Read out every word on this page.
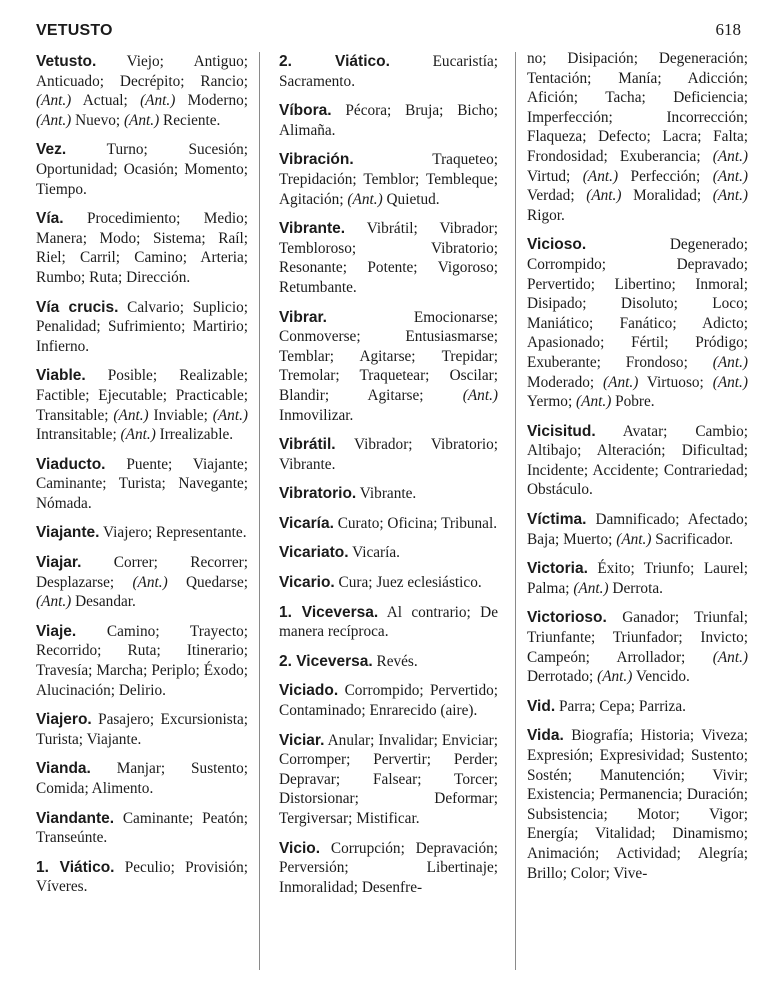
VETUSTO	618

Vetusto. Viejo; Antiguo; Anticuado; Decrépito; Rancio; (Ant.) Actual; (Ant.) Moderno; (Ant.) Nuevo; (Ant.) Reciente.

Vez.	Turno; Sucesión; Oportunidad; Ocasión; Momento; Tiempo.

Vía. Procedimiento; Medio; Manera; Modo; Sistema; Raíl; Riel; Carril; Camino; Arteria; Rumbo; Ruta; Dirección.

Vía crucis. Calvario; Suplicio; Penalidad; Sufrimiento; Martirio; Infierno.

Viable. Posible; Realizable; Factible; Ejecutable; Practicable; Transitable; (Ant.) Inviable; (Ant.) Intransitable; (Ant.) Irrealizable.

Viaducto. Puente; Viajante; Caminante; Turista; Navegante; Nómada.

Viajante. Viajero; Representante.

Viajar. Correr; Recorrer; Desplazarse; (Ant.) Quedarse; (Ant.) Desandar.

Viaje. Camino; Trayecto; Recorrido; Ruta; Itinerario; Travesía; Marcha; Periplo; Éxodo; Alucinación; Delirio.

Viajero. Pasajero; Excursionista; Turista; Viajante.

Vianda. Manjar; Sustento; Comida; Alimento.

Viandante. Caminante; Peatón; Transeúnte.

1. Viático. Peculio; Provisión; Víveres.

2. Viático.	Eucaristía; Sacramento.

Víbora. Pécora; Bruja; Bicho; Alimaña.

Vibración.	Traqueteo; Trepidación; Temblor; Tembleque; Agitación; (Ant.) Quietud.

Vibrante. Vibrátil; Vibrador; Tembloroso; Vibratorio; Resonante; Potente; Vigoroso; Retumbante.

Vibrar.	Emocionarse; Conmoverse; Entusiasmarse; Temblar; Agitarse; Trepidar; Tremolar; Traquetear; Oscilar; Blandir; Agitarse; (Ant.) Inmovilizar.

Vibrátil. Vibrador; Vibratorio; Vibrante.

Vibratorio. Vibrante.

Vicaría. Curato; Oficina; Tribunal.

Vicariato. Vicaría.

Vicario. Cura; Juez eclesiástico.

1. Viceversa. Al contrario; De manera recíproca.

2. Viceversa. Revés.

Viciado. Corrompido; Pervertido; Contaminado; Enrarecido (aire).

Viciar. Anular; Invalidar; Enviciar; Corromper; Pervertir; Perder; Depravar; Falsear; Torcer; Distorsionar; Deformar; Tergiversar; Mistificar.

Vicio. Corrupción; Depravación; Perversión; Libertinaje; Inmoralidad; Desenfre-

no; Disipación; Degeneración; Tentación; Manía; Adicción; Afición; Tacha; Deficiencia; Imperfección; Incorrección; Flaqueza; Defecto; Lacra; Falta; Frondosidad; Exuberancia; (Ant.) Virtud; (Ant.) Perfección; (Ant.) Verdad; (Ant.) Moralidad; (Ant.) Rigor.

Vicioso.	Degenerado; Corrompido; Depravado; Pervertido; Libertino; Inmoral; Disipado; Disoluto; Loco; Maniático; Fanático; Adicto; Apasionado; Fértil; Pródigo; Exuberante; Frondoso; (Ant.) Moderado; (Ant.) Virtuoso; (Ant.) Yermo; (Ant.) Pobre.

Vicisitud. Avatar; Cambio; Altibajo; Alteración; Dificultad; Incidente; Accidente; Contrariedad; Obstáculo.

Víctima. Damnificado; Afectado; Baja; Muerto; (Ant.) Sacrificador.

Victoria. Éxito; Triunfo; Laurel; Palma; (Ant.) Derrota.

Victorioso. Ganador; Triunfal; Triunfante; Triunfador; Invicto; Campeón; Arrollador; (Ant.) Derrotado; (Ant.) Vencido.

Vid. Parra; Cepa; Parriza.

Vida. Biografía; Historia; Viveza; Expresión; Expresividad; Sustento; Sostén; Manutención; Vivir; Existencia; Permanencia; Duración; Subsistencia; Motor; Vigor; Energía; Vitalidad; Dinamismo; Animación; Actividad; Alegría; Brillo; Color; Vive-
